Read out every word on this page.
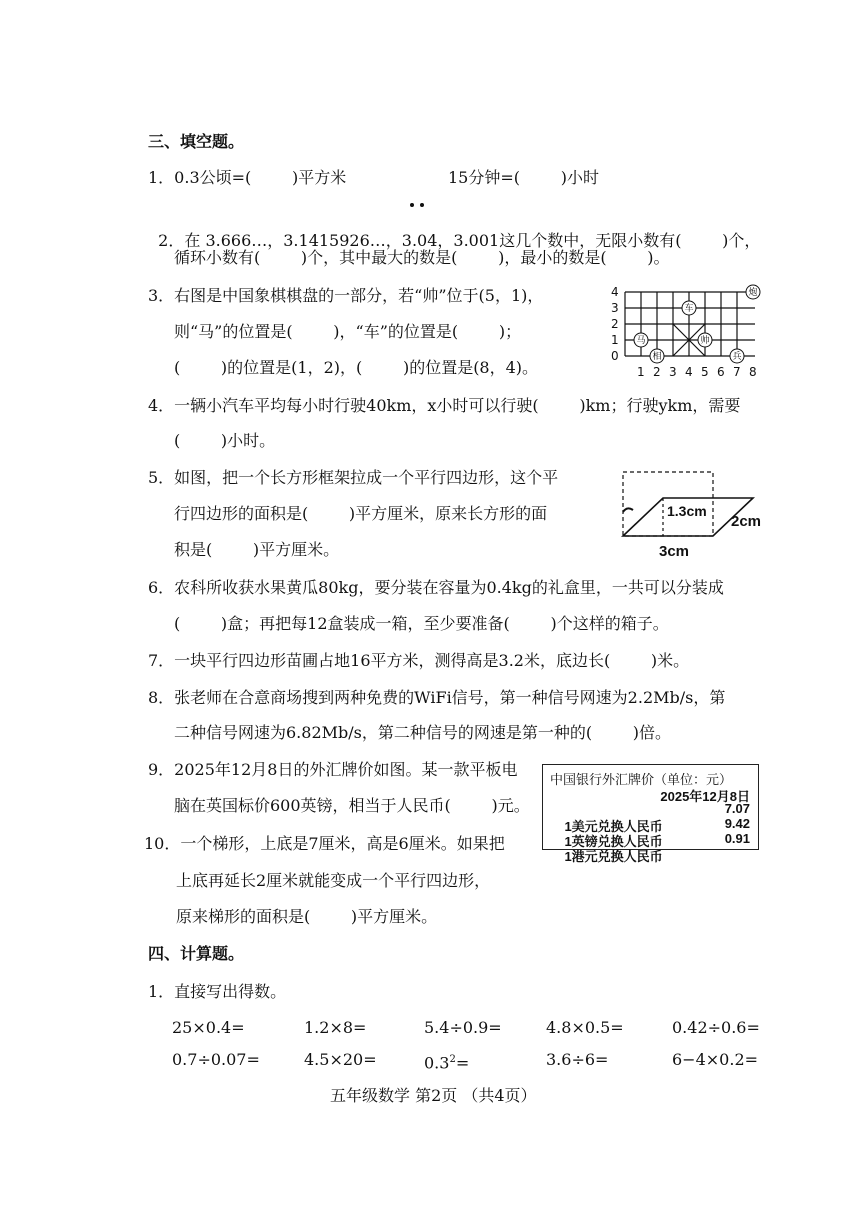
三、填空题。
1．0.3公顷=(        )平方米	15分钟=(        )小时

2．在 3.666…，3.1415926…，3.04，3.001这几个数中，无限小数有(        )个，

循环小数有(        )个，其中最大的数是(        )，最小的数是(        )。
3．右图是中国象棋棋盘的一部分，若“帅”位于(5，1)，
则“马”的位置是(        )，“车”的位置是(        )；
(        )的位置是(1，2)，(        )的位置是(8，4)。
4
3
2
1
0
1 2 3 4 5 6 7 8
马
车
帅
炮
相	兵
4．一辆小汽车平均每小时行驶40km，x小时可以行驶(        )km；行驶ykm，需要
(        )小时。
5．如图，把一个长方形框架拉成一个平行四边形，这个平
行四边形的面积是(        )平方厘米，原来长方形的面
积是(        )平方厘米。
1.3cm
2cm
3cm
6．农科所收获水果黄瓜80kg，要分装在容量为0.4kg的礼盒里，一共可以分装成
(        )盒；再把每12盒装成一箱，至少要准备(        )个这样的箱子。
7．一块平行四边形苗圃占地16平方米，测得高是3.2米，底边长(        )米。
8．张老师在合意商场搜到两种免费的WiFi信号，第一种信号网速为2.2Mb/s，第
二种信号网速为6.82Mb/s，第二种信号的网速是第一种的(        )倍。
9．2025年12月8日的外汇牌价如图。某一款平板电
脑在英国标价600英镑，相当于人民币(        )元。
中国银行外汇牌价（单位：元）
2025年12月8日

1美元兑换人民币

7.07

1英镑兑换人民币

9.42

1港元兑换人民币

0.91

10．一个梯形，上底是7厘米，高是6厘米。如果把
上底再延长2厘米就能变成一个平行四边形，
原来梯形的面积是(        )平方厘米。
四、计算题。
1．直接写出得数。
25×0.4=	1.2×8=	5.4÷0.9=	4.8×0.5=	0.42÷0.6=
0.7÷0.07=	4.5×20=	$0.3^2=$	3.6÷6=	6−4×0.2=
五年级数学 第2页 （共4页）
